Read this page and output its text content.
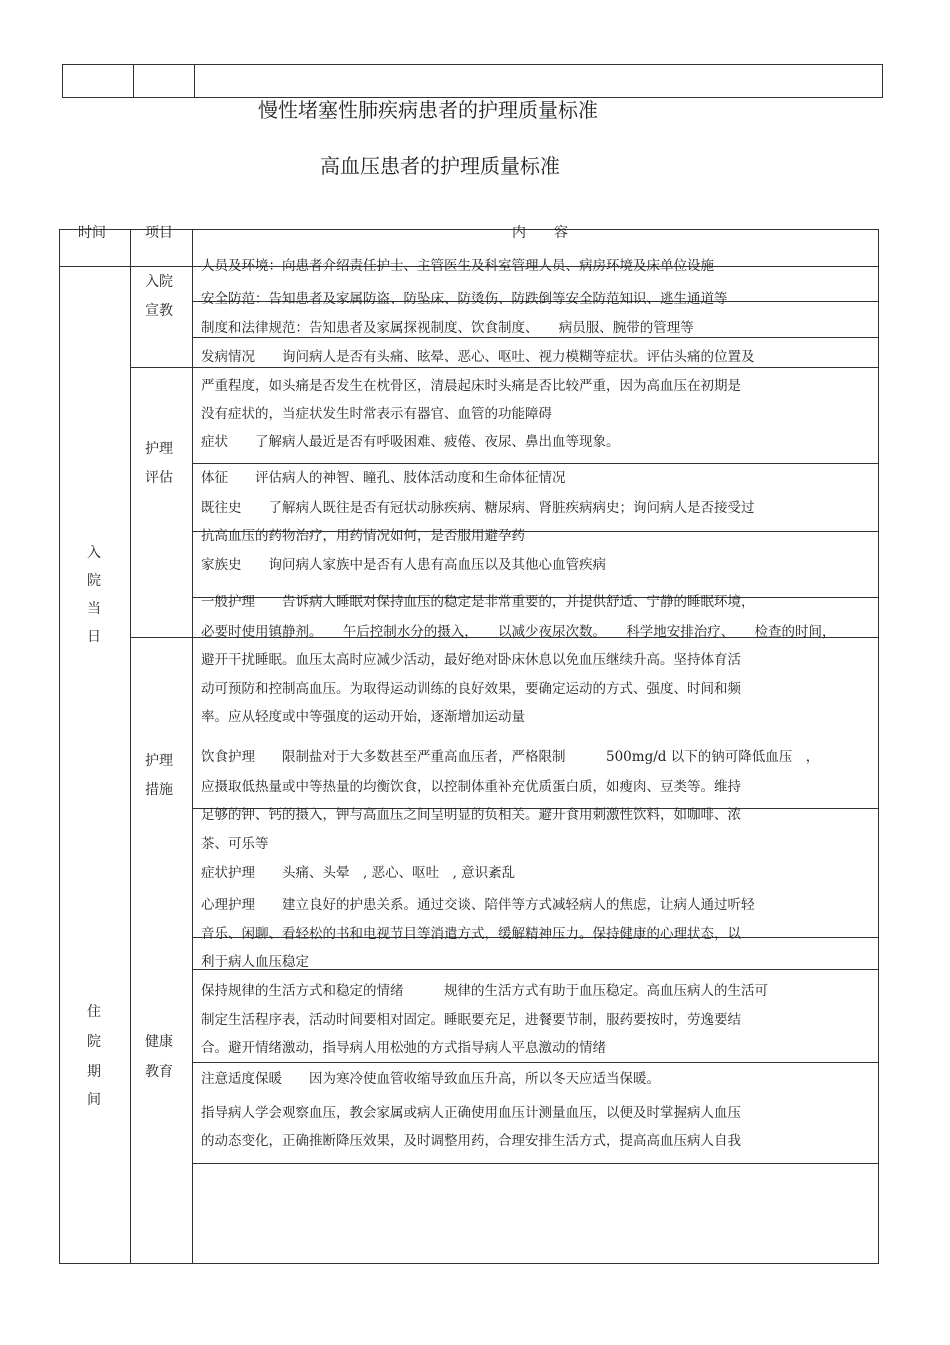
慢性堵塞性肺疾病患者的护理质量标准
高血压患者的护理质量标准
时间	项目	内　　容
入
院
当
日
住
院
期
间
入院
宣教
护理
评估
护理
措施
健康
教育
人员及环境：向患者介绍责任护士、主管医生及科室管理人员、病房环境及床单位设施
安全防范：告知患者及家属防盗、防坠床、防烫伤、防跌倒等安全防范知识、逃生通道等
制度和法律规范：告知患者及家属探视制度、饮食制度、　　病员服、腕带的管理等
发病情况　　询问病人是否有头痛、眩晕、恶心、呕吐、视力模糊等症状。评估头痛的位置及
严重程度，如头痛是否发生在枕骨区，清晨起床时头痛是否比较严重，因为高血压在初期是
没有症状的，当症状发生时常表示有器官、血管的功能障碍
症状　　了解病人最近是否有呼吸困难、疲倦、夜尿、鼻出血等现象。
体征　　评估病人的神智、瞳孔、肢体活动度和生命体征情况
既往史　　了解病人既往是否有冠状动脉疾病、糖尿病、肾脏疾病病史；询问病人是否接受过
抗高血压的药物治疗，用药情况如何，是否服用避孕药
家族史　　询问病人家族中是否有人患有高血压以及其他心血管疾病
一般护理　　告诉病人睡眠对保持血压的稳定是非常重要的，并提供舒适、宁静的睡眠环境，
必要时使用镇静剂。　　午后控制水分的摄入，　　以减少夜尿次数。　　科学地安排治疗、　　检查的时间，
避开干扰睡眠。血压太高时应减少活动，最好绝对卧床休息以免血压继续升高。坚持体育活
动可预防和控制高血压。为取得运动训练的良好效果，要确定运动的方式、强度、时间和频
率。应从轻度或中等强度的运动开始，逐渐增加运动量
饮食护理　　限制盐对于大多数甚至严重高血压者，严格限制　　　500mg/d 以下的钠可降低血压　，
应摄取低热量或中等热量的均衡饮食，以控制体重补充优质蛋白质，如瘦肉、豆类等。维持
足够的钾、钙的摄入，钾与高血压之间呈明显的负相关。避开食用刺激性饮料，如咖啡、浓
茶、可乐等
症状护理　　头痛、头晕　, 恶心、呕吐　, 意识紊乱
心理护理　　建立良好的护患关系。通过交谈、陪伴等方式减轻病人的焦虑，让病人通过听轻
音乐、闲聊、看轻松的书和电视节目等消遣方式，缓解精神压力。保持健康的心理状态，以
利于病人血压稳定
保持规律的生活方式和稳定的情绪　　　规律的生活方式有助于血压稳定。高血压病人的生活可
制定生活程序表，活动时间要相对固定。睡眠要充足，进餐要节制，服药要按时，劳逸要结
合。避开情绪激动，指导病人用松弛的方式指导病人平息激动的情绪
注意适度保暖　　因为寒冷使血管收缩导致血压升高，所以冬天应适当保暖。
指导病人学会观察血压，教会家属或病人正确使用血压计测量血压，以便及时掌握病人血压
的动态变化，正确推断降压效果，及时调整用药，合理安排生活方式，提高高血压病人自我
